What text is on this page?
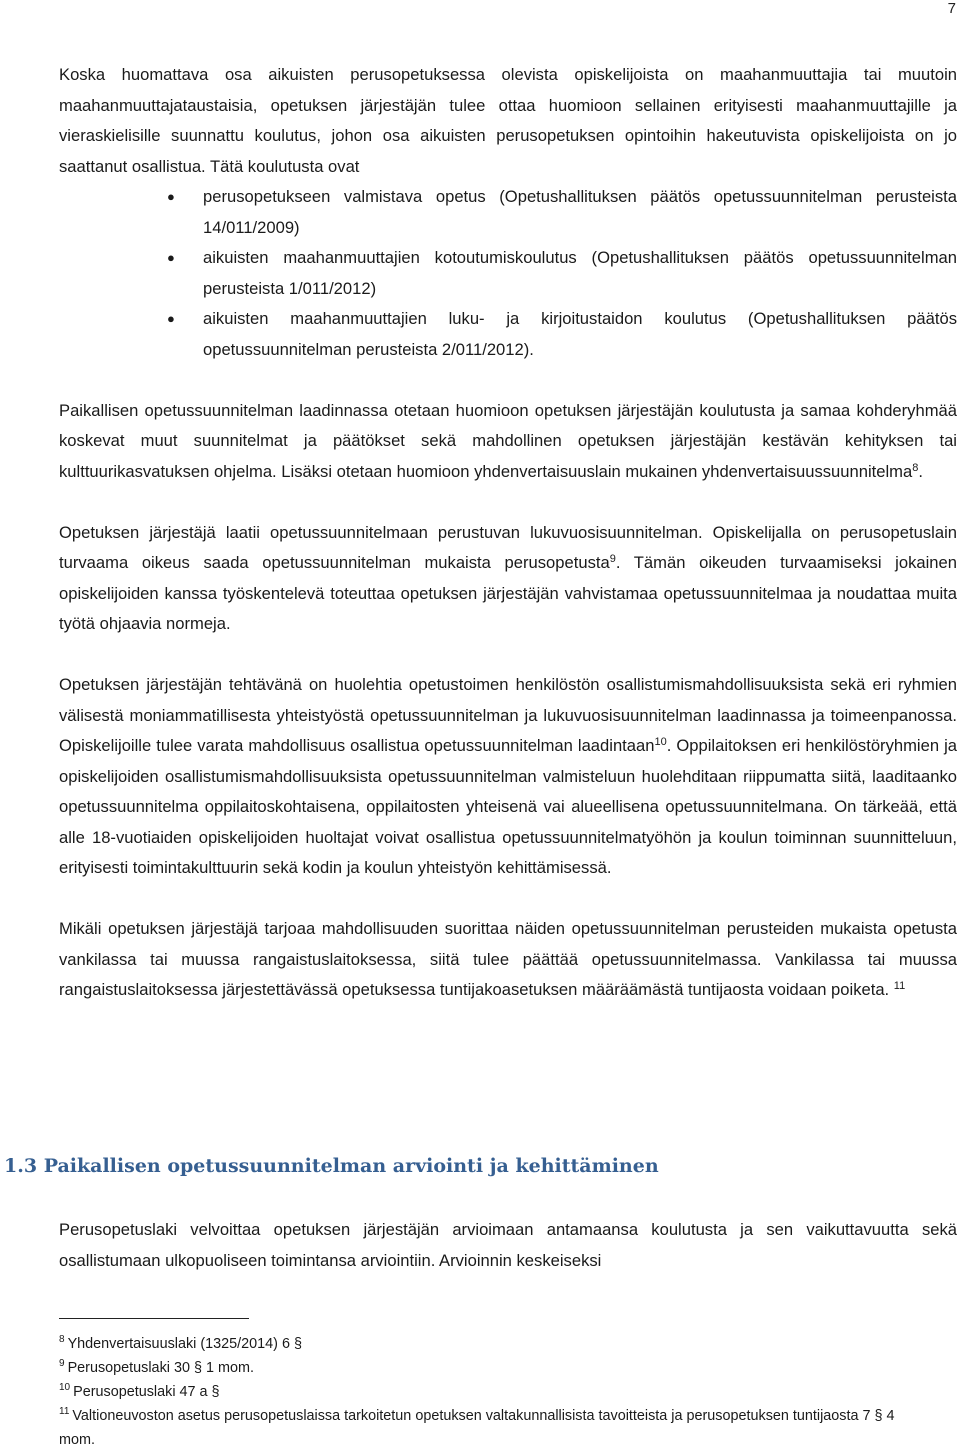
7

Koska huomattava osa aikuisten perusopetuksessa olevista opiskelijoista on maahanmuuttajia tai muutoin maahanmuuttajataustaisia, opetuksen järjestäjän tulee ottaa huomioon sellainen erityisesti maahanmuuttajille ja vieraskielisille suunnattu koulutus, johon osa aikuisten perusopetuksen opintoihin hakeutuvista opiskelijoista on jo saattanut osallistua. Tätä koulutusta ovat

● perusopetukseen valmistava opetus (Opetushallituksen päätös opetussuunnitelman perusteista 14/011/2009)
● aikuisten maahanmuuttajien kotoutumiskoulutus (Opetushallituksen päätös opetussuunnitelman perusteista 1/011/2012)
● aikuisten maahanmuuttajien luku- ja kirjoitustaidon koulutus (Opetushallituksen päätös opetussuunnitelman perusteista 2/011/2012).

Paikallisen opetussuunnitelman laadinnassa otetaan huomioon opetuksen järjestäjän koulutusta ja samaa kohderyhmää koskevat muut suunnitelmat ja päätökset sekä mahdollinen opetuksen järjestäjän kestävän kehityksen tai kulttuurikasvatuksen ohjelma. Lisäksi otetaan huomioon yhdenvertaisuuslain mukainen yhdenvertaisuussuunnitelma$^8$.

Opetuksen järjestäjä laatii opetussuunnitelmaan perustuvan lukuvuosisuunnitelman. Opiskelijalla on perusopetuslain turvaama oikeus saada opetussuunnitelman mukaista perusopetusta$^9$. Tämän oikeuden turvaamiseksi jokainen opiskelijoiden kanssa työskentelevä toteuttaa opetuksen järjestäjän vahvistamaa opetussuunnitelmaa ja noudattaa muita työtä ohjaavia normeja.

Opetuksen järjestäjän tehtävänä on huolehtia opetustoimen henkilöstön osallistumismahdollisuuksista sekä eri ryhmien välisestä moniammatillisesta yhteistyöstä opetussuunnitelman ja lukuvuosisuunnitelman laadinnassa ja toimeenpanossa. Opiskelijoille tulee varata mahdollisuus osallistua opetussuunnitelman laadintaan$^{10}$. Oppilaitoksen eri henkilöstöryhmien ja opiskelijoiden osallistumismahdollisuuksista opetussuunnitelman valmisteluun huolehditaan riippumatta siitä, laaditaanko opetussuunnitelma oppilaitoskohtaisena, oppilaitosten yhteisenä vai alueellisena opetussuunnitelmana. On tärkeää, että alle 18-vuotiaiden opiskelijoiden huoltajat voivat osallistua opetussuunnitelmatyöhön ja koulun toiminnan suunnitteluun, erityisesti toimintakulttuurin sekä kodin ja koulun yhteistyön kehittämisessä.

Mikäli opetuksen järjestäjä tarjoaa mahdollisuuden suorittaa näiden opetussuunnitelman perusteiden mukaista opetusta vankilassa tai muussa rangaistuslaitoksessa, siitä tulee päättää opetussuunnitelmassa. Vankilassa tai muussa rangaistuslaitoksessa järjestettävässä opetuksessa tuntijakoasetuksen määräämästä tuntijaosta voidaan poiketa. $^{11}$

1.3 Paikallisen opetussuunnitelman arviointi ja kehittäminen

Perusopetuslaki velvoittaa opetuksen järjestäjän arvioimaan antamaansa koulutusta ja sen vaikuttavuutta sekä osallistumaan ulkopuoliseen toimintansa arviointiin. Arvioinnin keskeiseksi

$^8$ Yhdenvertaisuuslaki (1325/2014) 6 §
$^9$ Perusopetuslaki 30 § 1 mom.
$^{10}$ Perusopetuslaki 47 a §
$^{11}$ Valtioneuvoston asetus perusopetuslaissa tarkoitetun opetuksen valtakunnallisista tavoitteista ja perusopetuksen tuntijaosta 7 § 4 mom.
